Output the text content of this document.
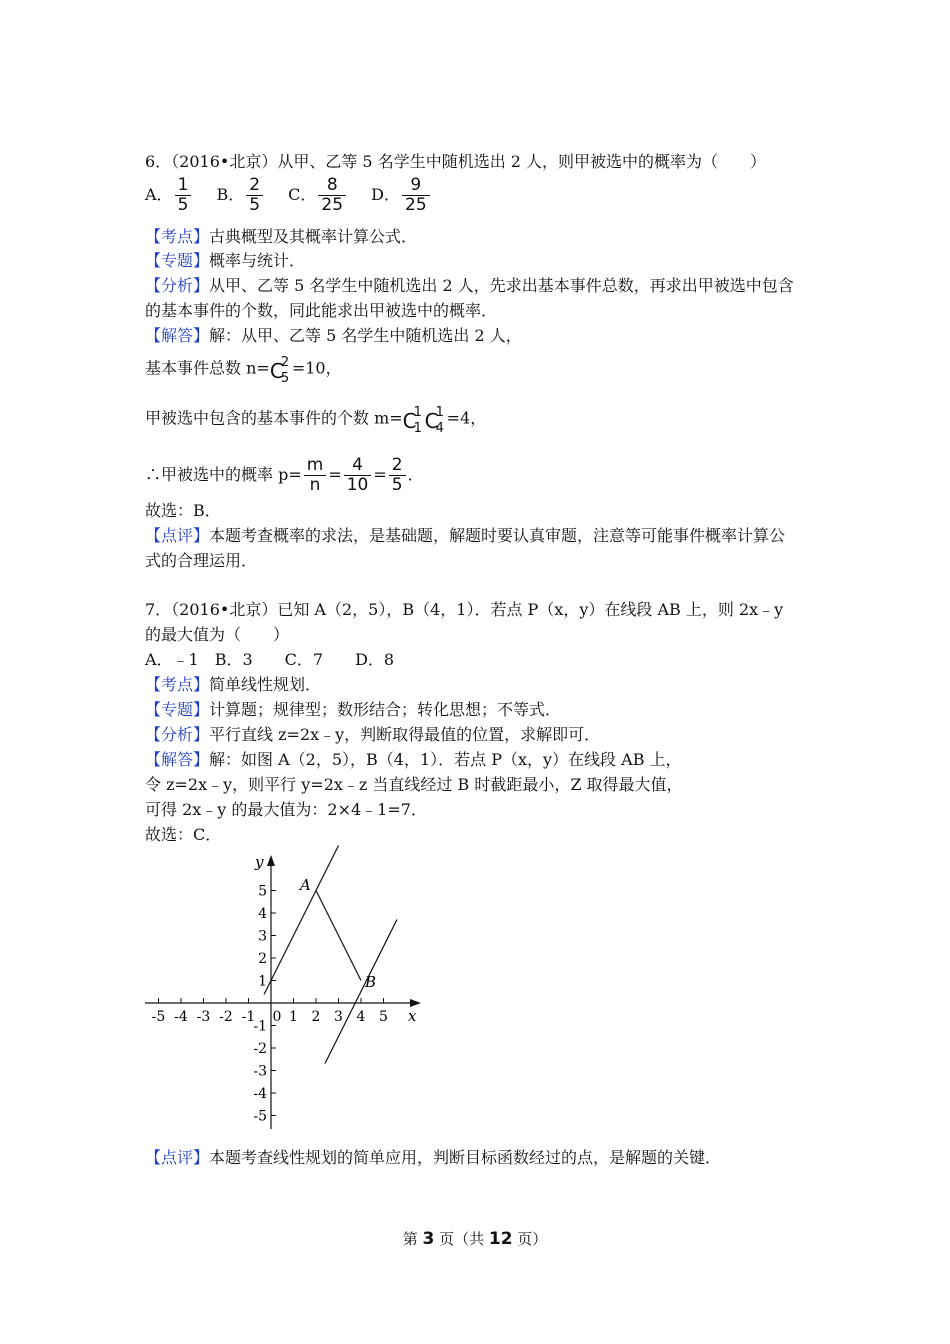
6．（2016•北京）从甲、乙等 5 名学生中随机选出 2 人，则甲被选中的概率为（　　）
A． $\frac{1}{5}$ B． $\frac{2}{5}$ C． $\frac{8}{25}$ D． $\frac{9}{25}$
【考点】古典概型及其概率计算公式．
【专题】概率与统计．
【分析】从甲、乙等 5 名学生中随机选出 2 人，先求出基本事件总数，再求出甲被选中包含
的基本事件的个数，同此能求出甲被选中的概率．
【解答】解：从甲、乙等 5 名学生中随机选出 2 人，
基本事件总数 n= C
2
5
=10，
甲被选中包含的基本事件的个数 m= C
1
1 C
1
4
=4，
∴甲被选中的概率 $p= \frac{m}{n} = \frac{4}{10} = \frac{2}{5}$ ．
故选：B．
【点评】本题考查概率的求法，是基础题，解题时要认真审题，注意等可能事件概率计算公
式的合理运用．
7．（2016•北京）已知 A（2，5），B（4，1）．若点 P（x，y）在线段 AB 上，则 2x﹣y
的最大值为（　　）
A．﹣1　B．3　　C．7　　D．8
【考点】简单线性规划．
【专题】计算题；规律型；数形结合；转化思想；不等式．
【分析】平行直线 z=2x﹣y，判断取得最值的位置，求解即可．
【解答】解：如图 A（2，5），B（4，1）．若点 P（x，y）在线段 AB 上，
令 z=2x﹣y，则平行 y=2x﹣z 当直线经过 B 时截距最小，Z 取得最大值，
可得 2x﹣y 的最大值为：2×4﹣1=7．
故选：C．
x
y
-5 -4 -3 -2 -1 0 1 2 3 4 5
5
4
3
2
1
-1
-2
-3
-4
-5
A
B
【点评】本题考查线性规划的简单应用，判断目标函数经过的点，是解题的关键．
第 3 页（共 12 页）
